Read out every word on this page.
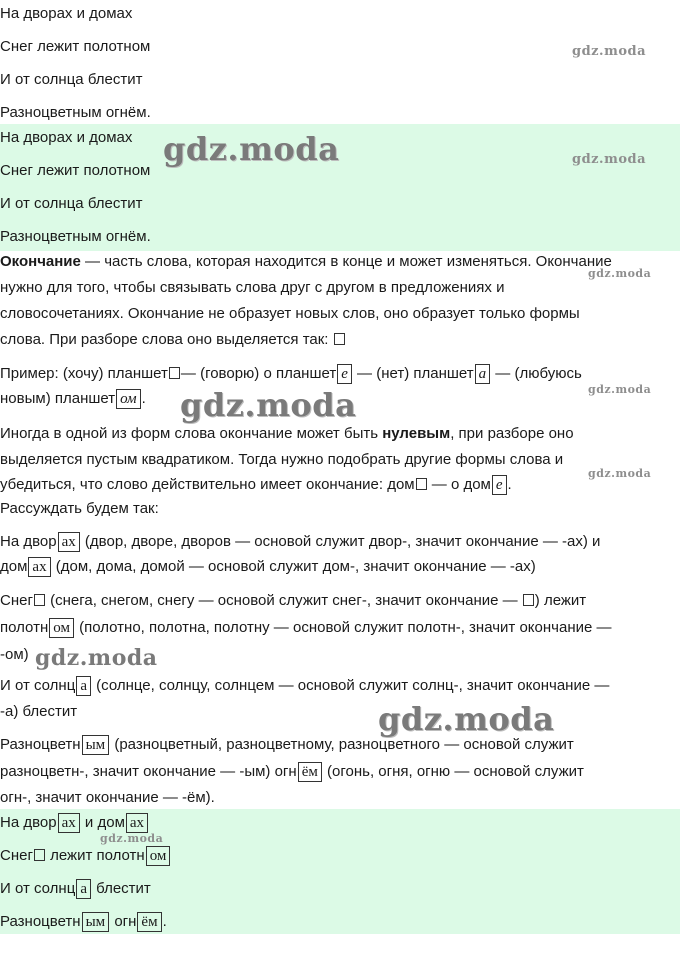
На дворах и домах
Снег лежит полотном
И от солнца блестит
Разноцветным огнём.
На дворах и домах
Снег лежит полотном
И от солнца блестит
Разноцветным огнём.
Окончание — часть слова, которая находится в конце и может изменяться. Окончание
нужно для того, чтобы связывать слова друг с другом в предложениях и
словосочетаниях. Окончание не образует новых слов, оно образует только формы
слова. При разборе слова оно выделяется так:
Пример: (хочу) планшет — (говорю) о планшет е — (нет) планшет а — (любуюсь
новым) планшет ом .
Иногда в одной из форм слова окончание может быть нулевым, при разборе оно
выделяется пустым квадратиком. Тогда нужно подобрать другие формы слова и
убедиться, что слово действительно имеет окончание: дом — о дом е .
Рассуждать будем так:
На двор ах (двор, дворе, дворов — основой служит двор-, значит окончание — -ах) и
дом ах (дом, дома, домой — основой служит дом-, значит окончание — -ах)
Снег (снега, снегом, снегу — основой служит снег-, значит окончание — ) лежит
полотн ом (полотно, полотна, полотну — основой служит полотн-, значит окончание —
-ом)
И от солнц а (солнце, солнцу, солнцем — основой служит солнц-, значит окончание —
-а) блестит
Разноцветн ым (разноцветный, разноцветному, разноцветного — основой служит
разноцветн-, значит окончание — -ым) огн ём (огонь, огня, огню — основой служит
огн-, значит окончание — -ём).
На двор ах и дом ах
Снег лежит полотн ом
И от солнц а блестит
Разноцветн ым огн ём .
gdz.moda
gdz.moda	gdz.moda
gdz.moda
gdz.moda
gdz.moda
gdz.moda
gdz.moda
gdz.moda
gdz.moda
